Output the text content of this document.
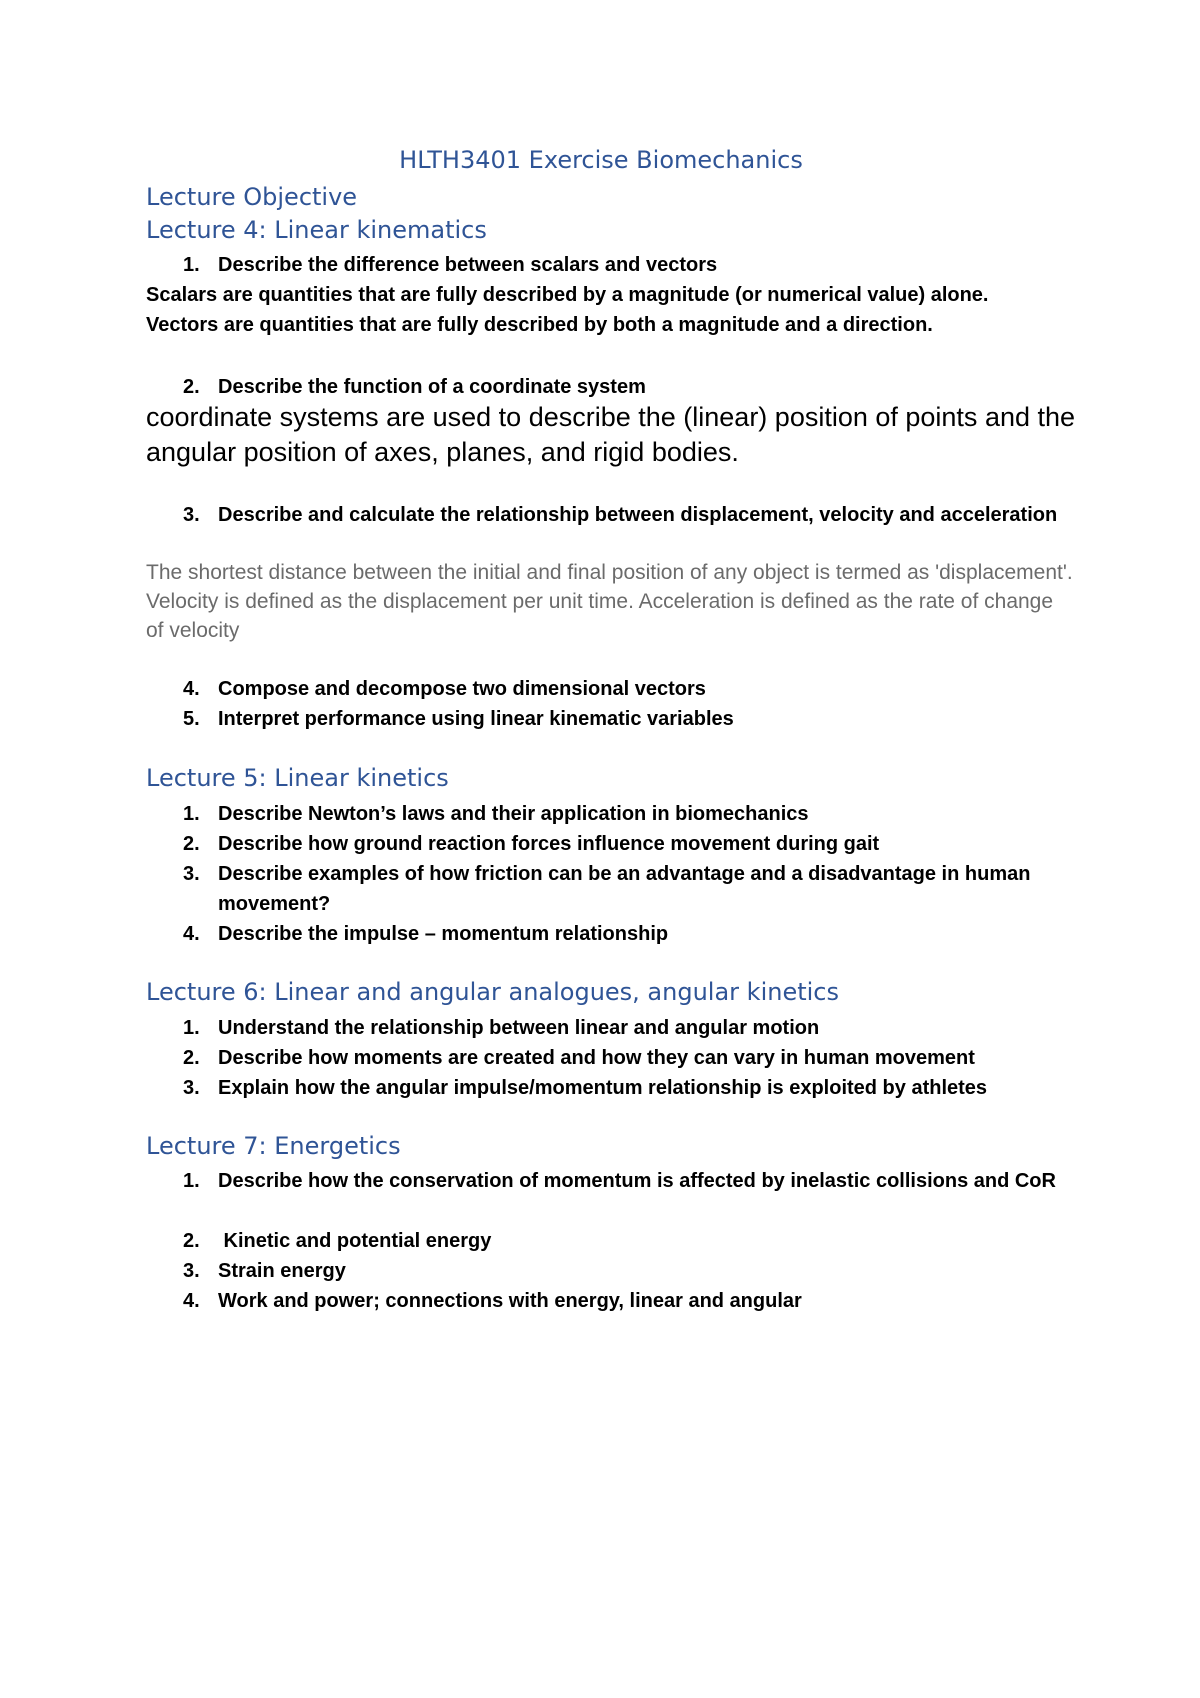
HLTH3401 Exercise Biomechanics
Lecture Objective
Lecture 4: Linear kinematics
1. Describe the difference between scalars and vectors
Scalars are quantities that are fully described by a magnitude (or numerical value) alone.
Vectors are quantities that are fully described by both a magnitude and a direction.
2. Describe the function of a coordinate system
coordinate systems are used to describe the (linear) position of points and the angular position of axes, planes, and rigid bodies.
3. Describe and calculate the relationship between displacement, velocity and acceleration
The shortest distance between the initial and final position of any object is termed as 'displacement'. Velocity is defined as the displacement per unit time. Acceleration is defined as the rate of change of velocity
4. Compose and decompose two dimensional vectors
5. Interpret performance using linear kinematic variables
Lecture 5: Linear kinetics
1. Describe Newton’s laws and their application in biomechanics
2. Describe how ground reaction forces influence movement during gait
3. Describe examples of how friction can be an advantage and a disadvantage in human movement?
4. Describe the impulse – momentum relationship
Lecture 6: Linear and angular analogues, angular kinetics
1. Understand the relationship between linear and angular motion
2. Describe how moments are created and how they can vary in human movement
3. Explain how the angular impulse/momentum relationship is exploited by athletes
Lecture 7: Energetics
1. Describe how the conservation of momentum is affected by inelastic collisions and CoR
2. Kinetic and potential energy
3. Strain energy
4. Work and power; connections with energy, linear and angular
